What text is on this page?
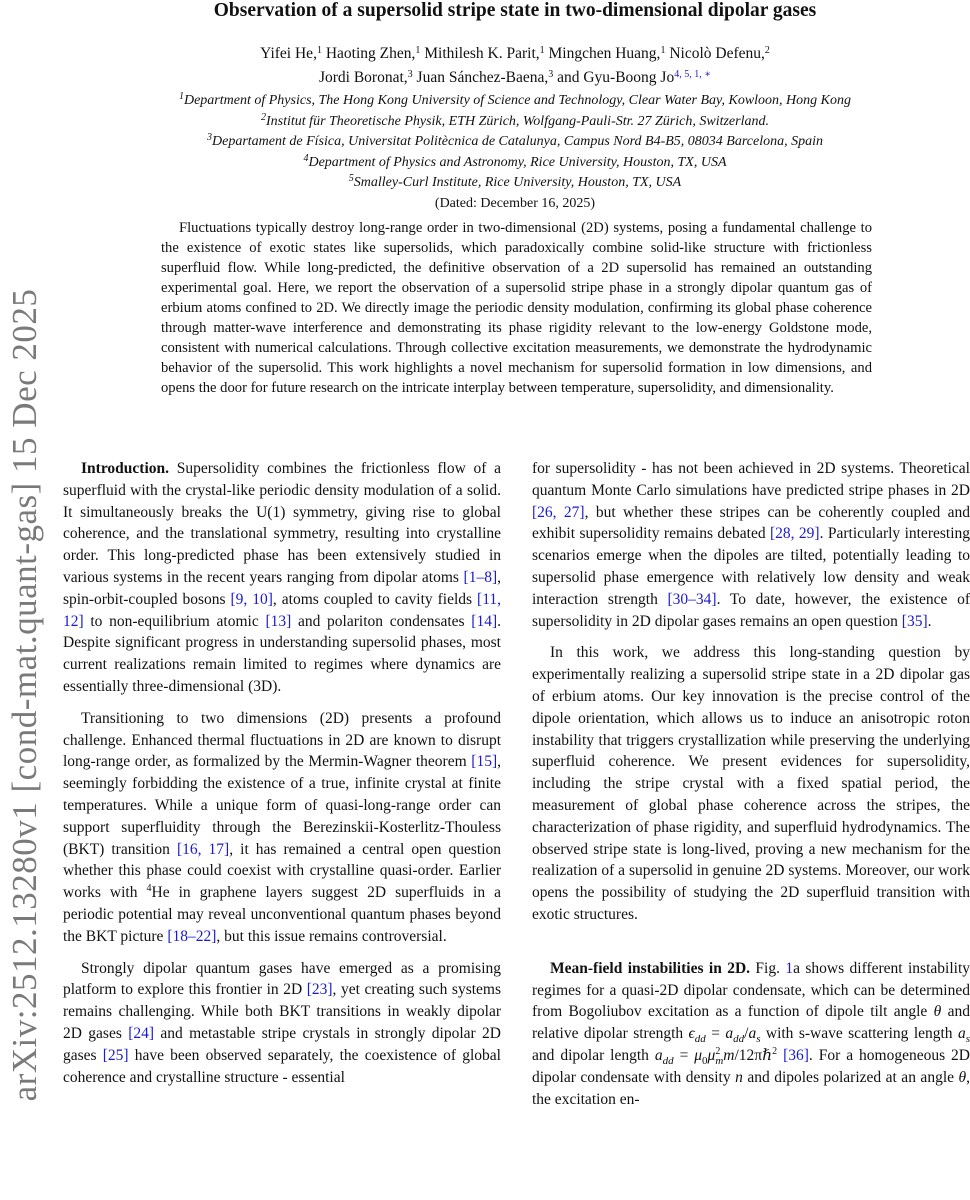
arXiv:2512.13280v1 [cond-mat.quant-gas] 15 Dec 2025
Observation of a supersolid stripe state in two-dimensional dipolar gases
Yifei He,$^1$ Haoting Zhen,$^1$ Mithilesh K. Parit,$^1$ Mingchen Huang,$^1$ Nicolò Defenu,$^2$
Jordi Boronat,$^3$ Juan Sánchez-Baena,$^3$ and Gyu-Boong $Jo^{4, 5, 1, ∗}$
$^1$Department of Physics, The Hong Kong University of Science and Technology, Clear Water Bay, Kowloon, Hong Kong
$^2$Institut für Theoretische Physik, ETH Zürich, Wolfgang-Pauli-Str. 27 Zürich, Switzerland.
$^3$Departament de Física, Universitat Politècnica de Catalunya, Campus Nord B4-B5, 08034 Barcelona, Spain
$^4$Department of Physics and Astronomy, Rice University, Houston, TX, USA
$^5$Smalley-Curl Institute, Rice University, Houston, TX, USA
(Dated: December 16, 2025)

Fluctuations typically destroy long-range order in two-dimensional (2D) systems, posing a fundamental challenge to the existence of exotic states like supersolids, which paradoxically combine solid-like structure with frictionless superfluid flow. While long-predicted, the definitive observation of a 2D supersolid has remained an outstanding experimental goal. Here, we report the observation of a supersolid stripe phase in a strongly dipolar quantum gas of erbium atoms confined to 2D. We directly image the periodic density modulation, confirming its global phase coherence through matter-wave interference and demonstrating its phase rigidity relevant to the low-energy Goldstone mode, consistent with numerical calculations. Through collective excitation measurements, we demonstrate the hydrodynamic behavior of the supersolid. This work highlights a novel mechanism for supersolid formation in low dimensions, and opens the door for future research on the intricate interplay between temperature, supersolidity, and dimensionality.

Introduction. Supersolidity combines the frictionless flow of a superfluid with the crystal-like periodic density modulation of a solid. It simultaneously breaks the U(1) symmetry, giving rise to global coherence, and the translational symmetry, resulting into crystalline order. This long-predicted phase has been extensively studied in various systems in the recent years ranging from dipolar atoms [1–8], spin-orbit-coupled bosons [9, 10], atoms coupled to cavity fields [11, 12] to non-equilibrium atomic [13] and polariton condensates [14]. Despite significant progress in understanding supersolid phases, most current realizations remain limited to regimes where dynamics are essentially three-dimensional (3D).

Transitioning to two dimensions (2D) presents a profound challenge. Enhanced thermal fluctuations in 2D are known to disrupt long-range order, as formalized by the Mermin-Wagner theorem [15], seemingly forbidding the existence of a true, infinite crystal at finite temperatures. While a unique form of quasi-long-range order can support superfluidity through the Berezinskii-Kosterlitz-Thouless (BKT) transition [16, 17], it has remained a central open question whether this phase could coexist with crystalline quasi-order. Earlier works with $^4$He in graphene layers suggest 2D superfluids in a periodic potential may reveal unconventional quantum phases beyond the BKT picture [18–22], but this issue remains controversial.

Strongly dipolar quantum gases have emerged as a promising platform to explore this frontier in 2D [23], yet creating such systems remains challenging. While both BKT transitions in weakly dipolar 2D gases [24] and metastable stripe crystals in strongly dipolar 2D gases [25] have been observed separately, the coexistence of global coherence and crystalline structure - essential

for supersolidity - has not been achieved in 2D systems. Theoretical quantum Monte Carlo simulations have predicted stripe phases in 2D [26, 27], but whether these stripes can be coherently coupled and exhibit supersolidity remains debated [28, 29]. Particularly interesting scenarios emerge when the dipoles are tilted, potentially leading to supersolid phase emergence with relatively low density and weak interaction strength [30–34]. To date, however, the existence of supersolidity in 2D dipolar gases remains an open question [35].

In this work, we address this long-standing question by experimentally realizing a supersolid stripe state in a 2D dipolar gas of erbium atoms. Our key innovation is the precise control of the dipole orientation, which allows us to induce an anisotropic roton instability that triggers crystallization while preserving the underlying superfluid coherence. We present evidences for supersolidity, including the stripe crystal with a fixed spatial period, the measurement of global phase coherence across the stripes, the characterization of phase rigidity, and superfluid hydrodynamics. The observed stripe state is long-lived, proving a new mechanism for the realization of a supersolid in genuine 2D systems. Moreover, our work opens the possibility of studying the 2D superfluid transition with exotic structures.

Mean-field instabilities in 2D. Fig. 1a shows different instability regimes for a quasi-2D dipolar condensate, which can be determined from Bogoliubov excitation as a function of dipole tilt angle θ and relative dipolar strength $\epsilon_{dd} = a_{dd}/a_s$ with s-wave scattering length $a_s$ and dipolar length $a_{dd}$ = $\mu_0\mu^2_mm/12\pi\hbar^2$ [36]. For a homogeneous 2D dipolar condensate with density n and dipoles polarized at an angle θ, the excitation en-
